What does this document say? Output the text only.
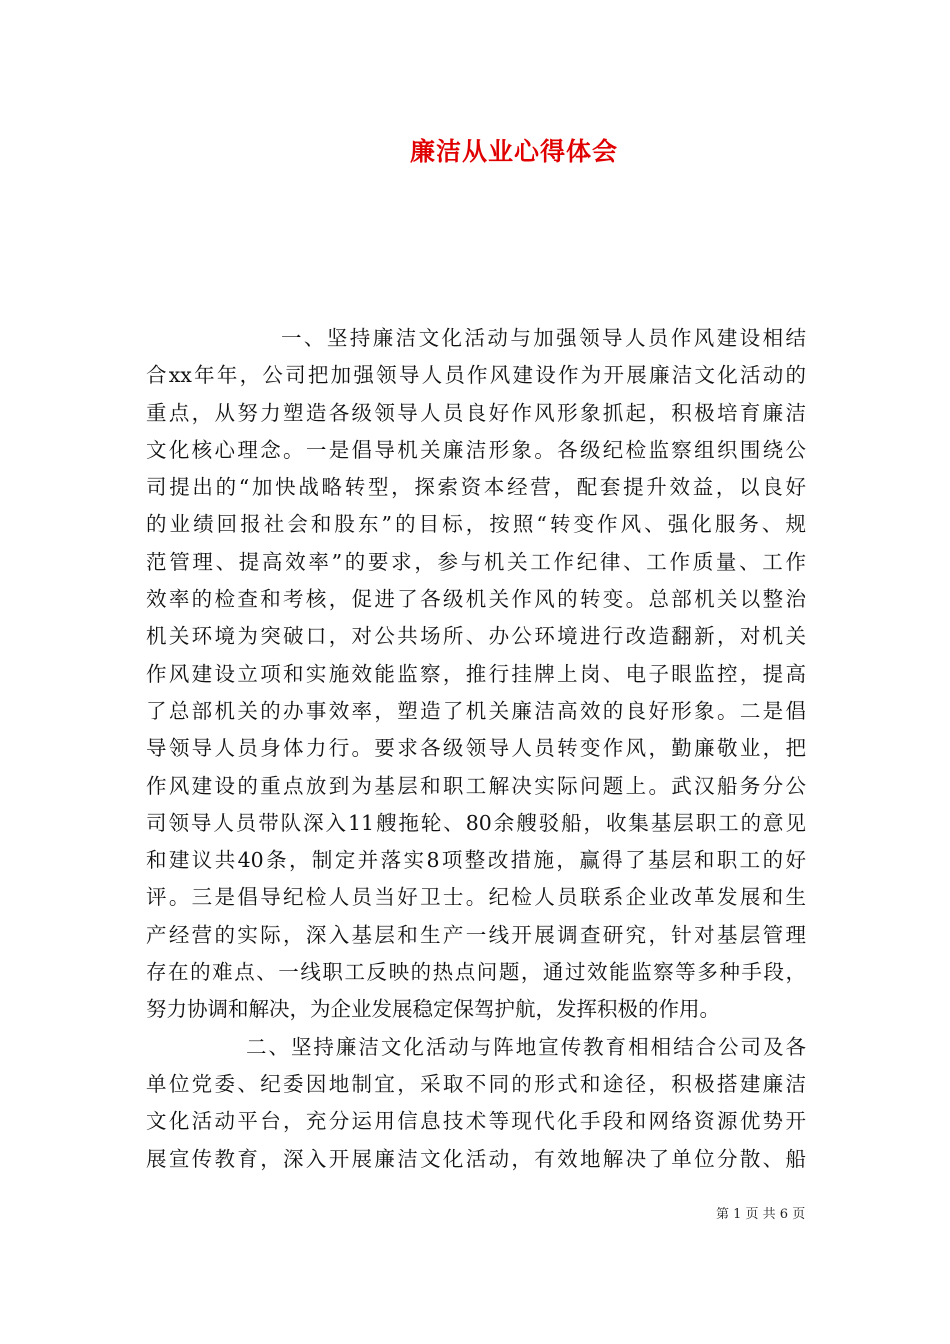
廉洁从业心得体会
一、坚持廉洁文化活动与加强领导人员作风建设相结
合xx年年，公司把加强领导人员作风建设作为开展廉洁文化活动的
重点，从努力塑造各级领导人员良好作风形象抓起，积极培育廉洁
文化核心理念。一是倡导机关廉洁形象。各级纪检监察组织围绕公
司提出的“加快战略转型，探索资本经营，配套提升效益，以良好
的业绩回报社会和股东”的目标，按照“转变作风、强化服务、规
范管理、提高效率”的要求，参与机关工作纪律、工作质量、工作
效率的检查和考核，促进了各级机关作风的转变。总部机关以整治
机关环境为突破口，对公共场所、办公环境进行改造翻新，对机关
作风建设立项和实施效能监察，推行挂牌上岗、电子眼监控，提高
了总部机关的办事效率，塑造了机关廉洁高效的良好形象。二是倡
导领导人员身体力行。要求各级领导人员转变作风，勤廉敬业，把
作风建设的重点放到为基层和职工解决实际问题上。武汉船务分公
司领导人员带队深入11艘拖轮、80余艘驳船，收集基层职工的意见
和建议共40条，制定并落实8项整改措施，赢得了基层和职工的好
评。三是倡导纪检人员当好卫士。纪检人员联系企业改革发展和生
产经营的实际，深入基层和生产一线开展调查研究，针对基层管理
存在的难点、一线职工反映的热点问题，通过效能监察等多种手段，
努力协调和解决，为企业发展稳定保驾护航，发挥积极的作用。
二、坚持廉洁文化活动与阵地宣传教育相相结合公司及各
单位党委、纪委因地制宜，采取不同的形式和途径，积极搭建廉洁
文化活动平台，充分运用信息技术等现代化手段和网络资源优势开
展宣传教育，深入开展廉洁文化活动，有效地解决了单位分散、船
第 1 页 共 6 页
